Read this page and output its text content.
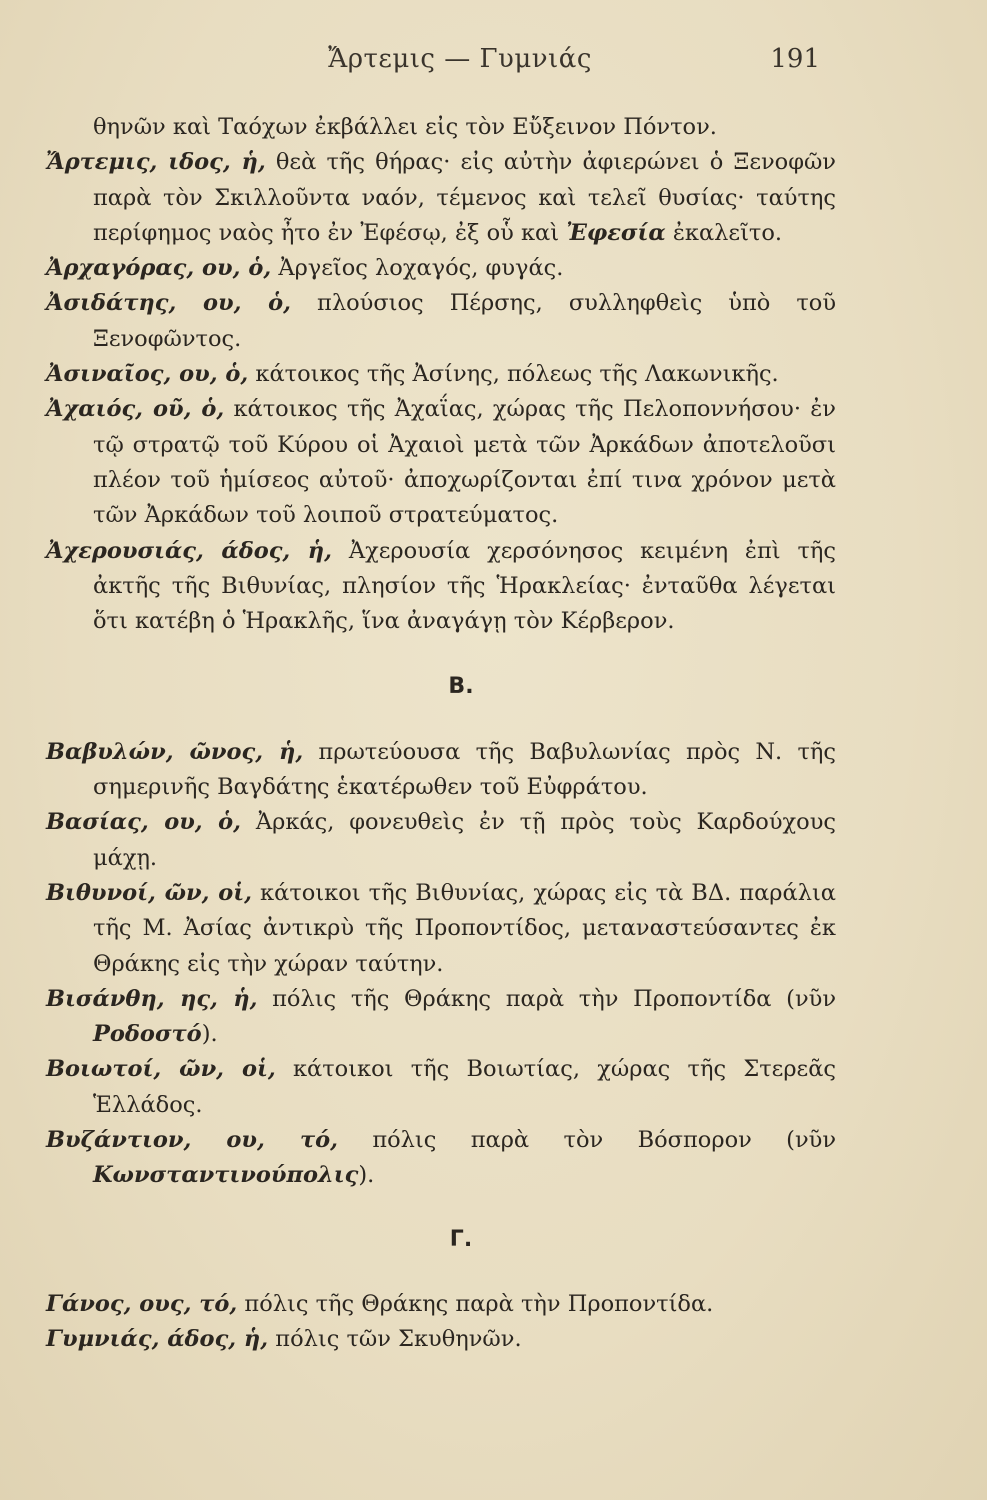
Ἄρτεμις — Γυμνιάς	191

θηνῶν καὶ Ταόχων ἐκβάλλει εἰς τὸν Εὔξεινον Πόντον.

Ἄρτεμις, ιδος, ἡ, θεὰ τῆς θήρας· εἰς αὐτὴν ἀφιερώνει ὁ Ξενοφῶν παρὰ τὸν Σκιλλοῦντα ναόν, τέμενος καὶ τελεῖ θυσίας· ταύτης περίφημος ναὸς ἦτο ἐν Ἐφέσῳ, ἐξ οὗ καὶ Ἐφεσία ἐκαλεῖτο.

Ἀρχαγόρας, ου, ὁ, Ἀργεῖος λοχαγός, φυγάς.

Ἀσιδάτης, ου, ὁ, πλούσιος Πέρσης, συλληφθεὶς ὑπὸ τοῦ Ξενοφῶντος.

Ἀσιναῖος, ου, ὁ, κάτοικος τῆς Ἀσίνης, πόλεως τῆς Λακωνικῆς.

Ἀχαιός, οῦ, ὁ, κάτοικος τῆς Ἀχαΐας, χώρας τῆς Πελοποννήσου· ἐν τῷ στρατῷ τοῦ Κύρου οἱ Ἀχαιοὶ μετὰ τῶν Ἀρκάδων ἀποτελοῦσι πλέον τοῦ ἡμίσεος αὐτοῦ· ἀποχωρίζονται ἐπί τινα χρόνον μετὰ τῶν Ἀρκάδων τοῦ λοιποῦ στρατεύματος.

Ἀχερουσιάς, άδος, ἡ, Ἀχερουσία χερσόνησος κειμένη ἐπὶ τῆς ἀκτῆς τῆς Βιθυνίας, πλησίον τῆς Ἡρακλείας· ἐνταῦθα λέγεται ὅτι κατέβη ὁ Ἡρακλῆς, ἵνα ἀναγάγῃ τὸν Κέρβερον.

Β.

Βαβυλών, ῶνος, ἡ, πρωτεύουσα τῆς Βαβυλωνίας πρὸς Ν. τῆς σημερινῆς Βαγδάτης ἑκατέρωθεν τοῦ Εὐφράτου.

Βασίας, ου, ὁ, Ἀρκάς, φονευθεὶς ἐν τῇ πρὸς τοὺς Καρδούχους μάχῃ.

Βιθυνοί, ῶν, οἱ, κάτοικοι τῆς Βιθυνίας, χώρας εἰς τὰ ΒΔ. παράλια τῆς Μ. Ἀσίας ἀντικρὺ τῆς Προποντίδος, μεταναστεύσαντες ἐκ Θράκης εἰς τὴν χώραν ταύτην.

Βισάνθη, ης, ἡ, πόλις τῆς Θράκης παρὰ τὴν Προποντίδα (νῦν Ροδοστό).

Βοιωτοί, ῶν, οἱ, κάτοικοι τῆς Βοιωτίας, χώρας τῆς Στερεᾶς Ἑλλάδος.

Βυζάντιον, ου, τό, πόλις παρὰ τὸν Βόσπορον (νῦν Κωνσταντινούπολις).

Γ.

Γάνος, ους, τό, πόλις τῆς Θράκης παρὰ τὴν Προποντίδα.

Γυμνιάς, άδος, ἡ, πόλις τῶν Σκυθηνῶν.
